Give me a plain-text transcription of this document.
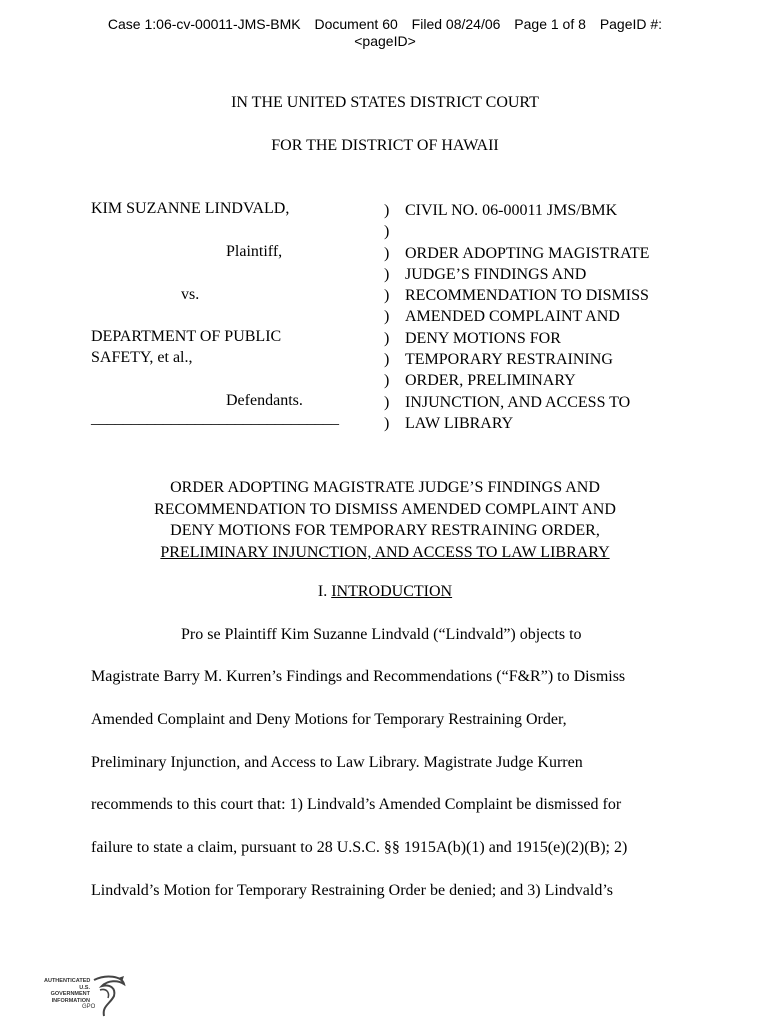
Case 1:06-cv-00011-JMS-BMK Document 60 Filed 08/24/06 Page 1 of 8 PageID #:
<pageID>
IN THE UNITED STATES DISTRICT COURT
FOR THE DISTRICT OF HAWAII
KIM SUZANNE LINDVALD,
Plaintiff,
vs.
DEPARTMENT OF PUBLIC
SAFETY, et al.,
Defendants.
_______________________________
)
)
)
)
)
)
)
)
)
)
)
CIVIL NO. 06-00011 JMS/BMK

ORDER ADOPTING MAGISTRATE
JUDGE’S FINDINGS AND
RECOMMENDATION TO DISMISS
AMENDED COMPLAINT AND
DENY MOTIONS FOR
TEMPORARY RESTRAINING
ORDER, PRELIMINARY
INJUNCTION, AND ACCESS TO
LAW LIBRARY
ORDER ADOPTING MAGISTRATE JUDGE’S FINDINGS AND
RECOMMENDATION TO DISMISS AMENDED COMPLAINT AND
DENY MOTIONS FOR TEMPORARY RESTRAINING ORDER,
PRELIMINARY INJUNCTION, AND ACCESS TO LAW LIBRARY
I. INTRODUCTION
Pro se Plaintiff Kim Suzanne Lindvald (“Lindvald”) objects to
Magistrate Barry M. Kurren’s Findings and Recommendations (“F&R”) to Dismiss
Amended Complaint and Deny Motions for Temporary Restraining Order,
Preliminary Injunction, and Access to Law Library. Magistrate Judge Kurren
recommends to this court that: 1) Lindvald’s Amended Complaint be dismissed for
failure to state a claim, pursuant to 28 U.S.C. §§ 1915A(b)(1) and 1915(e)(2)(B); 2)
Lindvald’s Motion for Temporary Restraining Order be denied; and 3) Lindvald’s
AUTHENTICATED
U.S. GOVERNMENT
INFORMATION
GPO
